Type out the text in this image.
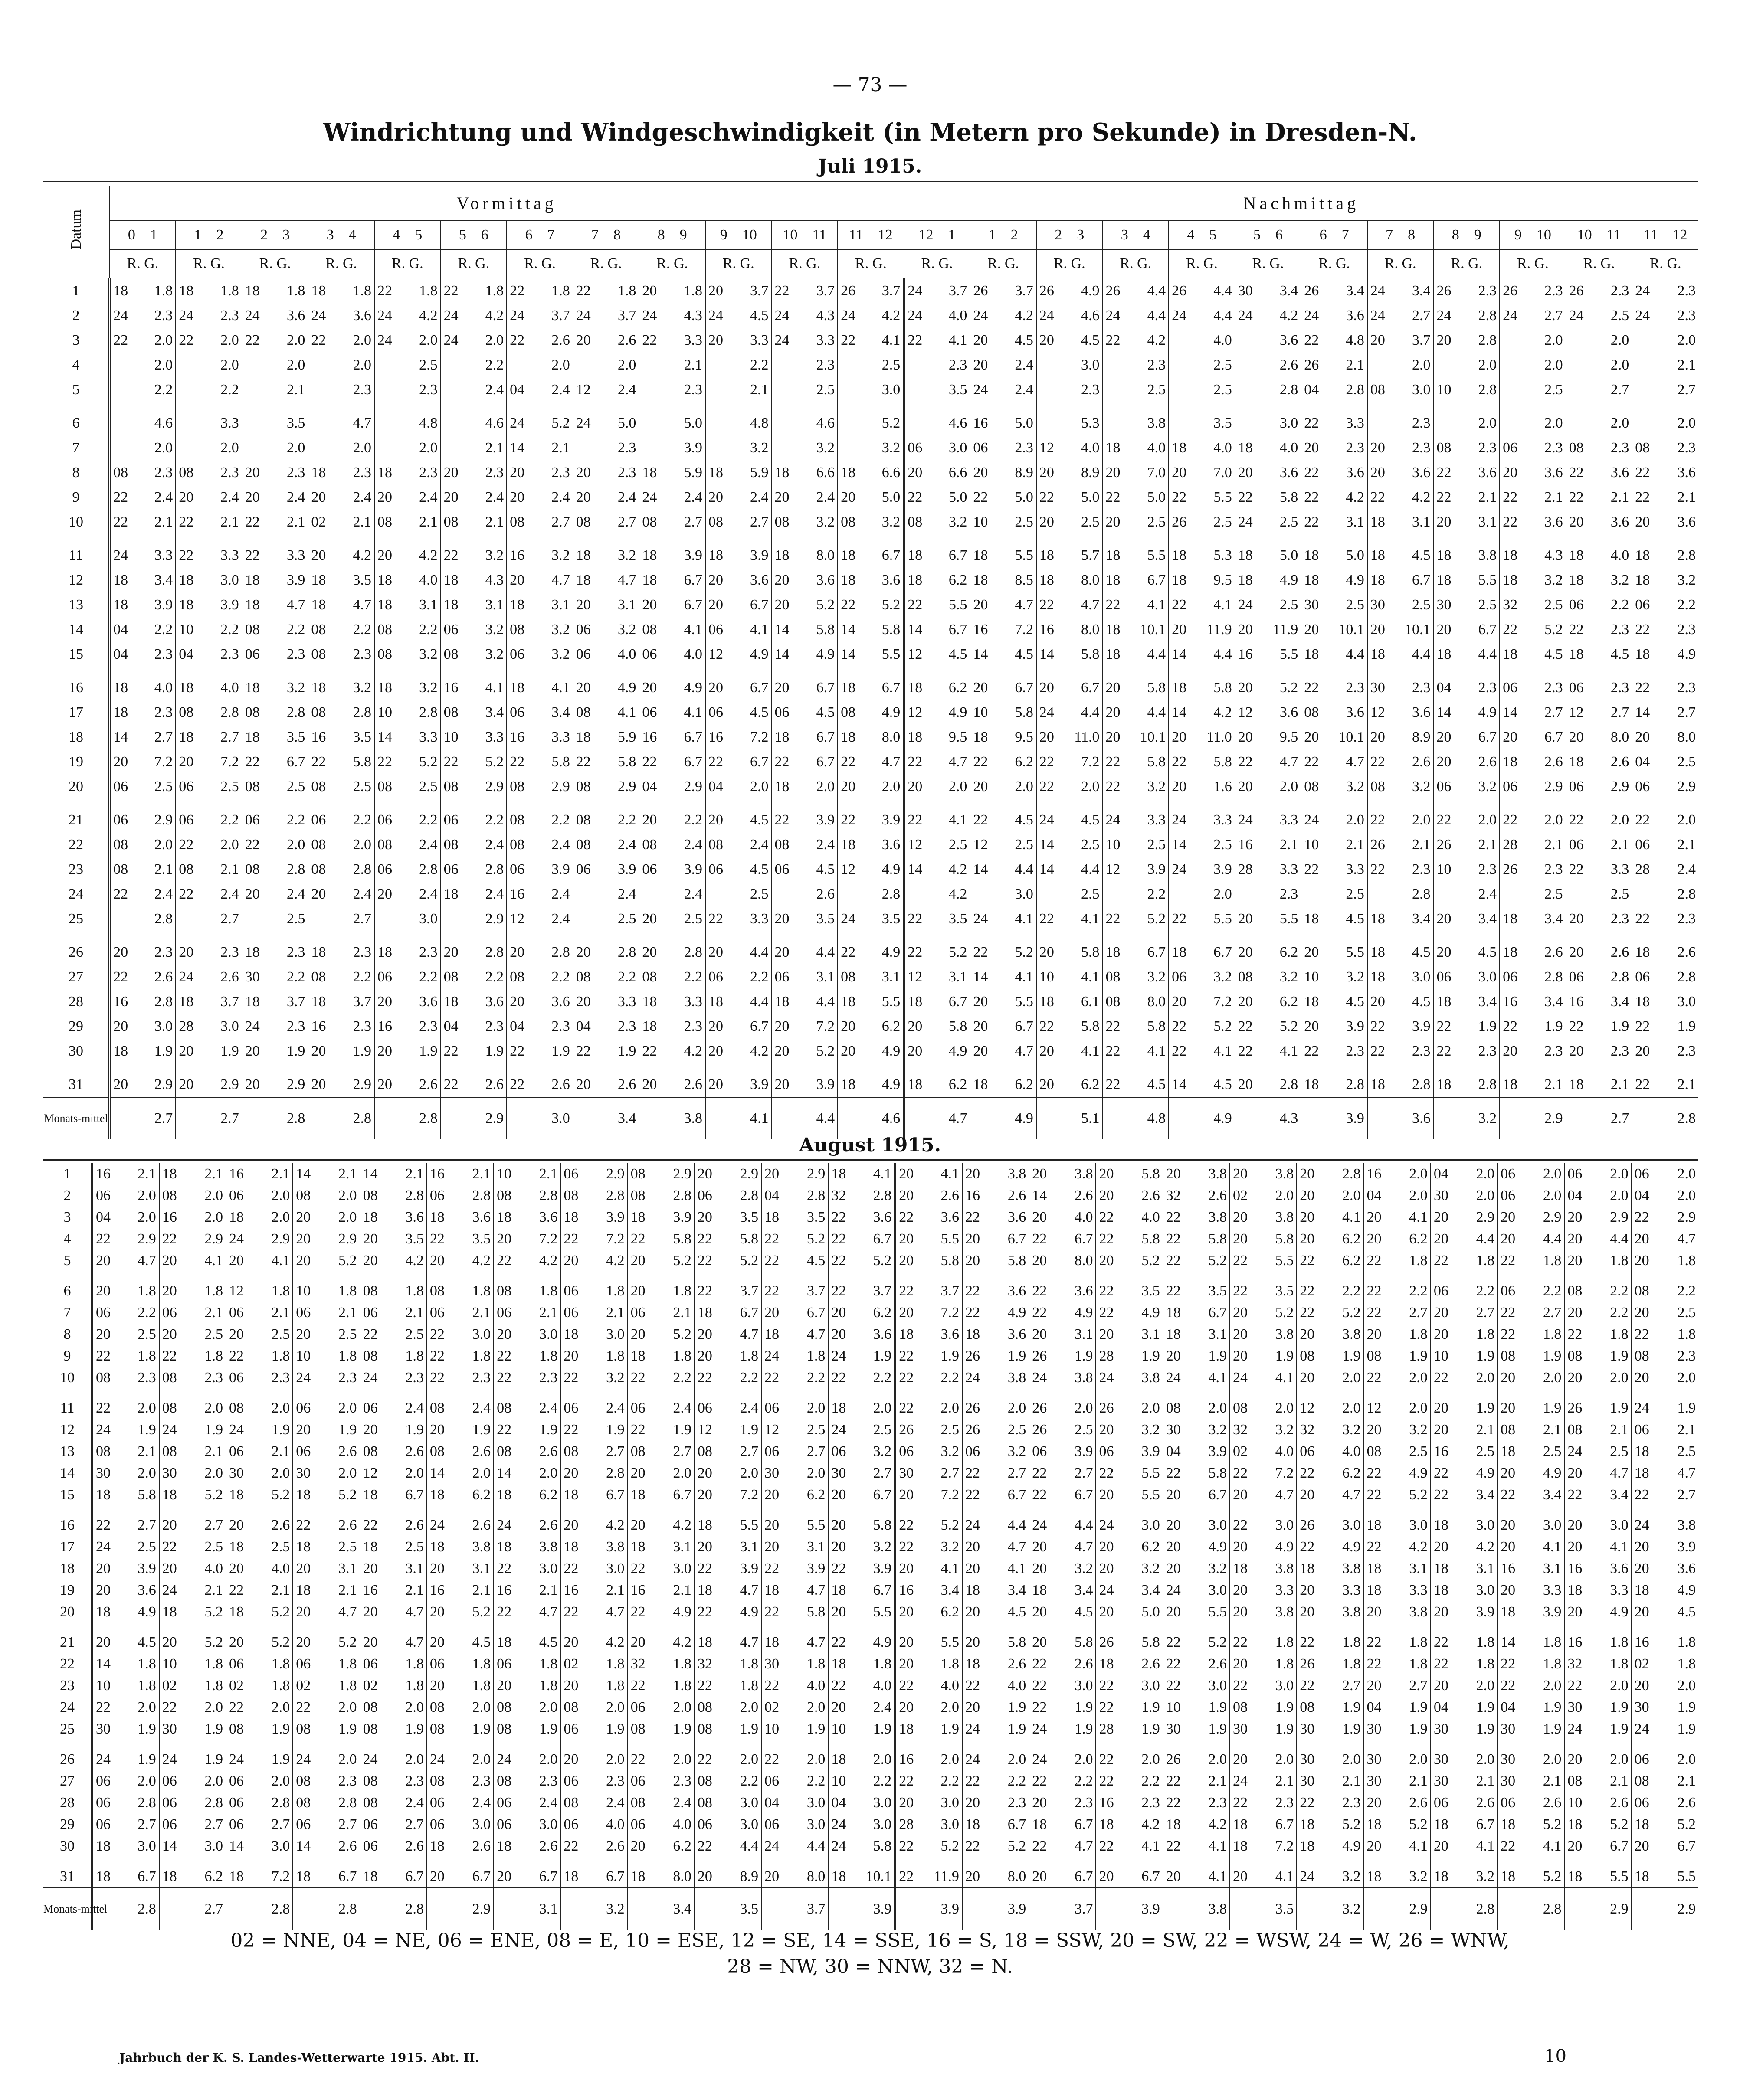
— 73 —
Windrichtung und Windgeschwindigkeit (in Metern pro Sekunde) in Dresden-N.
Juli 1915.
Datum	Vormittag												Nachmittag											
	0—1	1—2	2—3	3—4	4—5	5—6	6—7	7—8	8—9	9—10	10—11	11—12	12—1	1—2	2—3	3—4	4—5	5—6	6—7	7—8	8—9	9—10	10—11	11—12
	R. G.	R. G.	R. G.	R. G.	R. G.	R. G.	R. G.	R. G.	R. G.	R. G.	R. G.	R. G.	R. G.	R. G.	R. G.	R. G.	R. G.	R. G.	R. G.	R. G.	R. G.	R. G.	R. G.	R. G.
1	18 1.8	18 1.8	18 1.8	18 1.8	22 1.8	22 1.8	22 1.8	22 1.8	20 1.8	20 3.7	22 3.7	26 3.7	24 3.7	26 3.7	26 4.9	26 4.4	26 4.4	30 3.4	26 3.4	24 3.4	26 2.3	26 2.3	26 2.3	24 2.3
2	24 2.3	24 2.3	24 3.6	24 3.6	24 4.2	24 4.2	24 3.7	24 3.7	24 4.3	24 4.5	24 4.3	24 4.2	24 4.0	24 4.2	24 4.6	24 4.4	24 4.4	24 4.2	24 3.6	24 2.7	24 2.8	24 2.7	24 2.5	24 2.3
3	22 2.0	22 2.0	22 2.0	22 2.0	24 2.0	24 2.0	22 2.6	20 2.6	22 3.3	20 3.3	24 3.3	22 4.1	22 4.1	20 4.5	20 4.5	22 4.2	4.0	3.6	22 4.8	20 3.7	20 2.8	2.0	2.0	2.0
4	2.0	2.0	2.0	2.0	2.5	2.2	2.0	2.0	2.1	2.2	2.3	2.5	2.3	20 2.4	3.0	2.3	2.5	2.6	26 2.1	2.0	2.0	2.0	2.0	2.1
5	2.2	2.2	2.1	2.3	2.3	2.4	04 2.4	12 2.4	2.3	2.1	2.5	3.0	3.5	24 2.4	2.3	2.5	2.5	2.8	04 2.8	08 3.0	10 2.8	2.5	2.7	2.7
6	4.6	3.3	3.5	4.7	4.8	4.6	24 5.2	24 5.0	5.0	4.8	4.6	5.2	4.6	16 5.0	5.3	3.8	3.5	3.0	22 3.3	2.3	2.0	2.0	2.0	2.0
7	2.0	2.0	2.0	2.0	2.0	2.1	14 2.1	2.3	3.9	3.2	3.2	3.2	06 3.0	06 2.3	12 4.0	18 4.0	18 4.0	18 4.0	20 2.3	20 2.3	08 2.3	06 2.3	08 2.3	08 2.3
8	08 2.3	08 2.3	20 2.3	18 2.3	18 2.3	20 2.3	20 2.3	20 2.3	18 5.9	18 5.9	18 6.6	18 6.6	20 6.6	20 8.9	20 8.9	20 7.0	20 7.0	20 3.6	22 3.6	20 3.6	22 3.6	20 3.6	22 3.6	22 3.6
9	22 2.4	20 2.4	20 2.4	20 2.4	20 2.4	20 2.4	20 2.4	20 2.4	24 2.4	20 2.4	20 2.4	20 5.0	22 5.0	22 5.0	22 5.0	22 5.0	22 5.5	22 5.8	22 4.2	22 4.2	22 2.1	22 2.1	22 2.1	22 2.1
10	22 2.1	22 2.1	22 2.1	02 2.1	08 2.1	08 2.1	08 2.7	08 2.7	08 2.7	08 2.7	08 3.2	08 3.2	08 3.2	10 2.5	20 2.5	20 2.5	26 2.5	24 2.5	22 3.1	18 3.1	20 3.1	22 3.6	20 3.6	20 3.6
11	24 3.3	22 3.3	22 3.3	20 4.2	20 4.2	22 3.2	16 3.2	18 3.2	18 3.9	18 3.9	18 8.0	18 6.7	18 6.7	18 5.5	18 5.7	18 5.5	18 5.3	18 5.0	18 5.0	18 4.5	18 3.8	18 4.3	18 4.0	18 2.8
12	18 3.4	18 3.0	18 3.9	18 3.5	18 4.0	18 4.3	20 4.7	18 4.7	18 6.7	20 3.6	20 3.6	18 3.6	18 6.2	18 8.5	18 8.0	18 6.7	18 9.5	18 4.9	18 4.9	18 6.7	18 5.5	18 3.2	18 3.2	18 3.2
13	18 3.9	18 3.9	18 4.7	18 4.7	18 3.1	18 3.1	18 3.1	20 3.1	20 6.7	20 6.7	20 5.2	22 5.2	22 5.5	20 4.7	22 4.7	22 4.1	22 4.1	24 2.5	30 2.5	30 2.5	30 2.5	32 2.5	06 2.2	06 2.2
14	04 2.2	10 2.2	08 2.2	08 2.2	08 2.2	06 3.2	08 3.2	06 3.2	08 4.1	06 4.1	14 5.8	14 5.8	14 6.7	16 7.2	16 8.0	18 10.1	20 11.9	20 11.9	20 10.1	20 10.1	20 6.7	22 5.2	22 2.3	22 2.3
15	04 2.3	04 2.3	06 2.3	08 2.3	08 3.2	08 3.2	06 3.2	06 4.0	06 4.0	12 4.9	14 4.9	14 5.5	12 4.5	14 4.5	14 5.8	18 4.4	14 4.4	16 5.5	18 4.4	18 4.4	18 4.4	18 4.5	18 4.5	18 4.9
16	18 4.0	18 4.0	18 3.2	18 3.2	18 3.2	16 4.1	18 4.1	20 4.9	20 4.9	20 6.7	20 6.7	18 6.7	18 6.2	20 6.7	20 6.7	20 5.8	18 5.8	20 5.2	22 2.3	30 2.3	04 2.3	06 2.3	06 2.3	22 2.3
17	18 2.3	08 2.8	08 2.8	08 2.8	10 2.8	08 3.4	06 3.4	08 4.1	06 4.1	06 4.5	06 4.5	08 4.9	12 4.9	10 5.8	24 4.4	20 4.4	14 4.2	12 3.6	08 3.6	12 3.6	14 4.9	14 2.7	12 2.7	14 2.7
18	14 2.7	18 2.7	18 3.5	16 3.5	14 3.3	10 3.3	16 3.3	18 5.9	16 6.7	16 7.2	18 6.7	18 8.0	18 9.5	18 9.5	20 11.0	20 10.1	20 11.0	20 9.5	20 10.1	20 8.9	20 6.7	20 6.7	20 8.0	20 8.0
19	20 7.2	20 7.2	22 6.7	22 5.8	22 5.2	22 5.2	22 5.8	22 5.8	22 6.7	22 6.7	22 6.7	22 4.7	22 4.7	22 6.2	22 7.2	22 5.8	22 5.8	22 4.7	22 4.7	22 2.6	20 2.6	18 2.6	18 2.6	04 2.5
20	06 2.5	06 2.5	08 2.5	08 2.5	08 2.5	08 2.9	08 2.9	08 2.9	04 2.9	04 2.0	18 2.0	20 2.0	20 2.0	20 2.0	22 2.0	22 3.2	20 1.6	20 2.0	08 3.2	08 3.2	06 3.2	06 2.9	06 2.9	06 2.9
21	06 2.9	06 2.2	06 2.2	06 2.2	06 2.2	06 2.2	08 2.2	08 2.2	20 2.2	20 4.5	22 3.9	22 3.9	22 4.1	22 4.5	24 4.5	24 3.3	24 3.3	24 3.3	24 2.0	22 2.0	22 2.0	22 2.0	22 2.0	22 2.0
22	08 2.0	22 2.0	22 2.0	08 2.0	08 2.4	08 2.4	08 2.4	08 2.4	08 2.4	08 2.4	08 2.4	18 3.6	12 2.5	12 2.5	14 2.5	10 2.5	14 2.5	16 2.1	10 2.1	26 2.1	26 2.1	28 2.1	06 2.1	06 2.1
23	08 2.1	08 2.1	08 2.8	08 2.8	06 2.8	06 2.8	06 3.9	06 3.9	06 3.9	06 4.5	06 4.5	12 4.9	14 4.2	14 4.4	14 4.4	12 3.9	24 3.9	28 3.3	22 3.3	22 2.3	10 2.3	26 2.3	22 3.3	28 2.4
24	22 2.4	22 2.4	20 2.4	20 2.4	20 2.4	18 2.4	16 2.4	2.4	2.4	2.5	2.6	2.8	4.2	3.0	2.5	2.2	2.0	2.3	2.5	2.8	2.4	2.5	2.5	2.8
25	2.8	2.7	2.5	2.7	3.0	2.9	12 2.4	2.5	20 2.5	22 3.3	20 3.5	24 3.5	22 3.5	24 4.1	22 4.1	22 5.2	22 5.5	20 5.5	18 4.5	18 3.4	20 3.4	18 3.4	20 2.3	22 2.3
26	20 2.3	20 2.3	18 2.3	18 2.3	18 2.3	20 2.8	20 2.8	20 2.8	20 2.8	20 4.4	20 4.4	22 4.9	22 5.2	22 5.2	20 5.8	18 6.7	18 6.7	20 6.2	20 5.5	18 4.5	20 4.5	18 2.6	20 2.6	18 2.6
27	22 2.6	24 2.6	30 2.2	08 2.2	06 2.2	08 2.2	08 2.2	08 2.2	08 2.2	06 2.2	06 3.1	08 3.1	12 3.1	14 4.1	10 4.1	08 3.2	06 3.2	08 3.2	10 3.2	18 3.0	06 3.0	06 2.8	06 2.8	06 2.8
28	16 2.8	18 3.7	18 3.7	18 3.7	20 3.6	18 3.6	20 3.6	20 3.3	18 3.3	18 4.4	18 4.4	18 5.5	18 6.7	20 5.5	18 6.1	08 8.0	20 7.2	20 6.2	18 4.5	20 4.5	18 3.4	16 3.4	16 3.4	18 3.0
29	20 3.0	28 3.0	24 2.3	16 2.3	16 2.3	04 2.3	04 2.3	04 2.3	18 2.3	20 6.7	20 7.2	20 6.2	20 5.8	20 6.7	22 5.8	22 5.8	22 5.2	22 5.2	20 3.9	22 3.9	22 1.9	22 1.9	22 1.9	22 1.9
30	18 1.9	20 1.9	20 1.9	20 1.9	20 1.9	22 1.9	22 1.9	22 1.9	22 4.2	20 4.2	20 5.2	20 4.9	20 4.9	20 4.7	20 4.1	22 4.1	22 4.1	22 4.1	22 2.3	22 2.3	22 2.3	20 2.3	20 2.3	20 2.3
31	20 2.9	20 2.9	20 2.9	20 2.9	20 2.6	22 2.6	22 2.6	20 2.6	20 2.6	20 3.9	20 3.9	18 4.9	18 6.2	18 6.2	20 6.2	22 4.5	14 4.5	20 2.8	18 2.8	18 2.8	18 2.8	18 2.1	18 2.1	22 2.1
Monats-mittel	2.7	2.7	2.8	2.8	2.8	2.9	3.0	3.4	3.8	4.1	4.4	4.6	4.7	4.9	5.1	4.8	4.9	4.3	3.9	3.6	3.2	2.9	2.7	2.8
August 1915.

1	16 2.1	18 2.1	16 2.1	14 2.1	14 2.1	16 2.1	10 2.1	06 2.9	08 2.9	20 2.9	20 2.9	18 4.1	20 4.1	20 3.8	20 3.8	20 5.8	20 3.8	20 3.8	20 2.8	16 2.0	04 2.0	06 2.0	06 2.0	06 2.0
2	06 2.0	08 2.0	06 2.0	08 2.0	08 2.8	06 2.8	08 2.8	08 2.8	08 2.8	06 2.8	04 2.8	32 2.8	20 2.6	16 2.6	14 2.6	20 2.6	32 2.6	02 2.0	20 2.0	04 2.0	30 2.0	06 2.0	04 2.0	04 2.0
3	04 2.0	16 2.0	18 2.0	20 2.0	18 3.6	18 3.6	18 3.6	18 3.9	18 3.9	20 3.5	18 3.5	22 3.6	22 3.6	22 3.6	20 4.0	22 4.0	22 3.8	20 3.8	20 4.1	20 4.1	20 2.9	20 2.9	20 2.9	22 2.9
4	22 2.9	22 2.9	24 2.9	20 2.9	20 3.5	22 3.5	20 7.2	22 7.2	22 5.8	22 5.8	22 5.2	22 6.7	20 5.5	20 6.7	22 6.7	22 5.8	22 5.8	20 5.8	20 6.2	20 6.2	20 4.4	20 4.4	20 4.4	20 4.7
5	20 4.7	20 4.1	20 4.1	20 5.2	20 4.2	20 4.2	22 4.2	20 4.2	20 5.2	22 5.2	22 4.5	22 5.2	20 5.8	20 5.8	20 8.0	20 5.2	22 5.2	22 5.5	22 6.2	22 1.8	22 1.8	22 1.8	20 1.8	20 1.8
6	20 1.8	20 1.8	12 1.8	10 1.8	08 1.8	08 1.8	08 1.8	06 1.8	20 1.8	22 3.7	22 3.7	22 3.7	22 3.7	22 3.6	22 3.6	22 3.5	22 3.5	22 3.5	22 2.2	22 2.2	06 2.2	06 2.2	08 2.2	08 2.2
7	06 2.2	06 2.1	06 2.1	06 2.1	06 2.1	06 2.1	06 2.1	06 2.1	06 2.1	18 6.7	20 6.7	20 6.2	20 7.2	22 4.9	22 4.9	22 4.9	18 6.7	20 5.2	22 5.2	22 2.7	20 2.7	22 2.7	20 2.2	20 2.5
8	20 2.5	20 2.5	20 2.5	20 2.5	22 2.5	22 3.0	20 3.0	18 3.0	20 5.2	20 4.7	18 4.7	20 3.6	18 3.6	18 3.6	20 3.1	20 3.1	18 3.1	20 3.8	20 3.8	20 1.8	20 1.8	22 1.8	22 1.8	22 1.8
9	22 1.8	22 1.8	22 1.8	10 1.8	08 1.8	22 1.8	22 1.8	20 1.8	18 1.8	20 1.8	24 1.8	24 1.9	22 1.9	26 1.9	26 1.9	28 1.9	20 1.9	20 1.9	08 1.9	08 1.9	10 1.9	08 1.9	08 1.9	08 2.3
10	08 2.3	08 2.3	06 2.3	24 2.3	24 2.3	22 2.3	22 2.3	22 3.2	22 2.2	22 2.2	22 2.2	22 2.2	22 2.2	24 3.8	24 3.8	24 3.8	24 4.1	24 4.1	20 2.0	22 2.0	22 2.0	20 2.0	20 2.0	20 2.0
11	22 2.0	08 2.0	08 2.0	06 2.0	06 2.4	08 2.4	08 2.4	06 2.4	06 2.4	06 2.4	06 2.0	18 2.0	22 2.0	26 2.0	26 2.0	26 2.0	08 2.0	08 2.0	12 2.0	12 2.0	20 1.9	20 1.9	26 1.9	24 1.9
12	24 1.9	24 1.9	24 1.9	20 1.9	20 1.9	20 1.9	22 1.9	22 1.9	22 1.9	12 1.9	12 2.5	24 2.5	26 2.5	26 2.5	26 2.5	20 3.2	30 3.2	32 3.2	32 3.2	20 3.2	20 2.1	08 2.1	08 2.1	06 2.1
13	08 2.1	08 2.1	06 2.1	06 2.6	08 2.6	08 2.6	08 2.6	08 2.7	08 2.7	08 2.7	06 2.7	06 3.2	06 3.2	06 3.2	06 3.9	06 3.9	04 3.9	02 4.0	06 4.0	08 2.5	16 2.5	18 2.5	24 2.5	18 2.5
14	30 2.0	30 2.0	30 2.0	30 2.0	12 2.0	14 2.0	14 2.0	20 2.8	20 2.0	20 2.0	30 2.0	30 2.7	30 2.7	22 2.7	22 2.7	22 5.5	22 5.8	22 7.2	22 6.2	22 4.9	22 4.9	20 4.9	20 4.7	18 4.7
15	18 5.8	18 5.2	18 5.2	18 5.2	18 6.7	18 6.2	18 6.2	18 6.7	18 6.7	20 7.2	20 6.2	20 6.7	20 7.2	22 6.7	22 6.7	20 5.5	20 6.7	20 4.7	20 4.7	22 5.2	22 3.4	22 3.4	22 3.4	22 2.7
16	22 2.7	20 2.7	20 2.6	22 2.6	22 2.6	24 2.6	24 2.6	20 4.2	20 4.2	18 5.5	20 5.5	20 5.8	22 5.2	24 4.4	24 4.4	24 3.0	20 3.0	22 3.0	26 3.0	18 3.0	18 3.0	20 3.0	20 3.0	24 3.8
17	24 2.5	22 2.5	18 2.5	18 2.5	18 2.5	18 3.8	18 3.8	18 3.8	18 3.1	20 3.1	20 3.1	20 3.2	22 3.2	20 4.7	20 4.7	20 6.2	20 4.9	20 4.9	22 4.9	22 4.2	20 4.2	20 4.1	20 4.1	20 3.9
18	20 3.9	20 4.0	20 4.0	20 3.1	20 3.1	20 3.1	22 3.0	22 3.0	22 3.0	22 3.9	22 3.9	22 3.9	20 4.1	20 4.1	20 3.2	20 3.2	20 3.2	18 3.8	18 3.8	18 3.1	18 3.1	16 3.1	16 3.6	20 3.6
19	20 3.6	24 2.1	22 2.1	18 2.1	16 2.1	16 2.1	16 2.1	16 2.1	16 2.1	18 4.7	18 4.7	18 6.7	16 3.4	18 3.4	18 3.4	24 3.4	24 3.0	20 3.3	20 3.3	18 3.3	18 3.0	20 3.3	18 3.3	18 4.9
20	18 4.9	18 5.2	18 5.2	20 4.7	20 4.7	20 5.2	22 4.7	22 4.7	22 4.9	22 4.9	22 5.8	20 5.5	20 6.2	20 4.5	20 4.5	20 5.0	20 5.5	20 3.8	20 3.8	20 3.8	20 3.9	18 3.9	20 4.9	20 4.5
21	20 4.5	20 5.2	20 5.2	20 5.2	20 4.7	20 4.5	18 4.5	20 4.2	20 4.2	18 4.7	18 4.7	22 4.9	20 5.5	20 5.8	20 5.8	26 5.8	22 5.2	22 1.8	22 1.8	22 1.8	22 1.8	14 1.8	16 1.8	16 1.8
22	14 1.8	10 1.8	06 1.8	06 1.8	06 1.8	06 1.8	06 1.8	02 1.8	32 1.8	32 1.8	30 1.8	18 1.8	20 1.8	18 2.6	22 2.6	18 2.6	22 2.6	20 1.8	26 1.8	22 1.8	22 1.8	22 1.8	32 1.8	02 1.8
23	10 1.8	02 1.8	02 1.8	02 1.8	02 1.8	20 1.8	20 1.8	20 1.8	22 1.8	22 1.8	22 4.0	22 4.0	22 4.0	22 4.0	22 3.0	22 3.0	22 3.0	22 3.0	22 2.7	20 2.7	20 2.0	22 2.0	22 2.0	20 2.0
24	22 2.0	22 2.0	22 2.0	22 2.0	08 2.0	08 2.0	08 2.0	08 2.0	06 2.0	08 2.0	02 2.0	20 2.4	20 2.0	20 1.9	22 1.9	22 1.9	10 1.9	08 1.9	08 1.9	04 1.9	04 1.9	04 1.9	30 1.9	30 1.9
25	30 1.9	30 1.9	08 1.9	08 1.9	08 1.9	08 1.9	08 1.9	06 1.9	08 1.9	08 1.9	10 1.9	10 1.9	18 1.9	24 1.9	24 1.9	28 1.9	30 1.9	30 1.9	30 1.9	30 1.9	30 1.9	30 1.9	24 1.9	24 1.9
26	24 1.9	24 1.9	24 1.9	24 2.0	24 2.0	24 2.0	24 2.0	20 2.0	22 2.0	22 2.0	22 2.0	18 2.0	16 2.0	24 2.0	24 2.0	22 2.0	26 2.0	20 2.0	30 2.0	30 2.0	30 2.0	30 2.0	20 2.0	06 2.0
27	06 2.0	06 2.0	06 2.0	08 2.3	08 2.3	08 2.3	08 2.3	06 2.3	06 2.3	08 2.2	06 2.2	10 2.2	22 2.2	22 2.2	22 2.2	22 2.2	22 2.1	24 2.1	30 2.1	30 2.1	30 2.1	30 2.1	08 2.1	08 2.1
28	06 2.8	06 2.8	06 2.8	08 2.8	08 2.4	06 2.4	06 2.4	08 2.4	08 2.4	08 3.0	04 3.0	04 3.0	20 3.0	20 2.3	20 2.3	16 2.3	22 2.3	22 2.3	22 2.3	20 2.6	06 2.6	06 2.6	10 2.6	06 2.6
29	06 2.7	06 2.7	06 2.7	06 2.7	06 2.7	06 3.0	06 3.0	06 4.0	06 4.0	06 3.0	06 3.0	24 3.0	28 3.0	18 6.7	18 6.7	18 4.2	18 4.2	18 6.7	18 5.2	18 5.2	18 6.7	18 5.2	18 5.2	18 5.2
30	18 3.0	14 3.0	14 3.0	14 2.6	06 2.6	18 2.6	18 2.6	22 2.6	20 6.2	22 4.4	24 4.4	24 5.8	22 5.2	22 5.2	22 4.7	22 4.1	22 4.1	18 7.2	18 4.9	20 4.1	20 4.1	22 4.1	20 6.7	20 6.7
31	18 6.7	18 6.2	18 7.2	18 6.7	18 6.7	20 6.7	20 6.7	18 6.7	18 8.0	20 8.9	20 8.0	18 10.1	22 11.9	20 8.0	20 6.7	20 6.7	20 4.1	20 4.1	24 3.2	18 3.2	18 3.2	18 5.2	18 5.5	18 5.5
Monats-mittel	2.8	2.7	2.8	2.8	2.8	2.9	3.1	3.2	3.4	3.5	3.7	3.9	3.9	3.9	3.7	3.9	3.8	3.5	3.2	2.9	2.8	2.8	2.9	2.9
02 = NNE, 04 = NE, 06 = ENE, 08 = E, 10 = ESE, 12 = SE, 14 = SSE, 16 = S, 18 = SSW, 20 = SW, 22 = WSW, 24 = W, 26 = WNW,
28 = NW, 30 = NNW, 32 = N.
Jahrbuch der K. S. Landes-Wetterwarte 1915. Abt. II.	10
